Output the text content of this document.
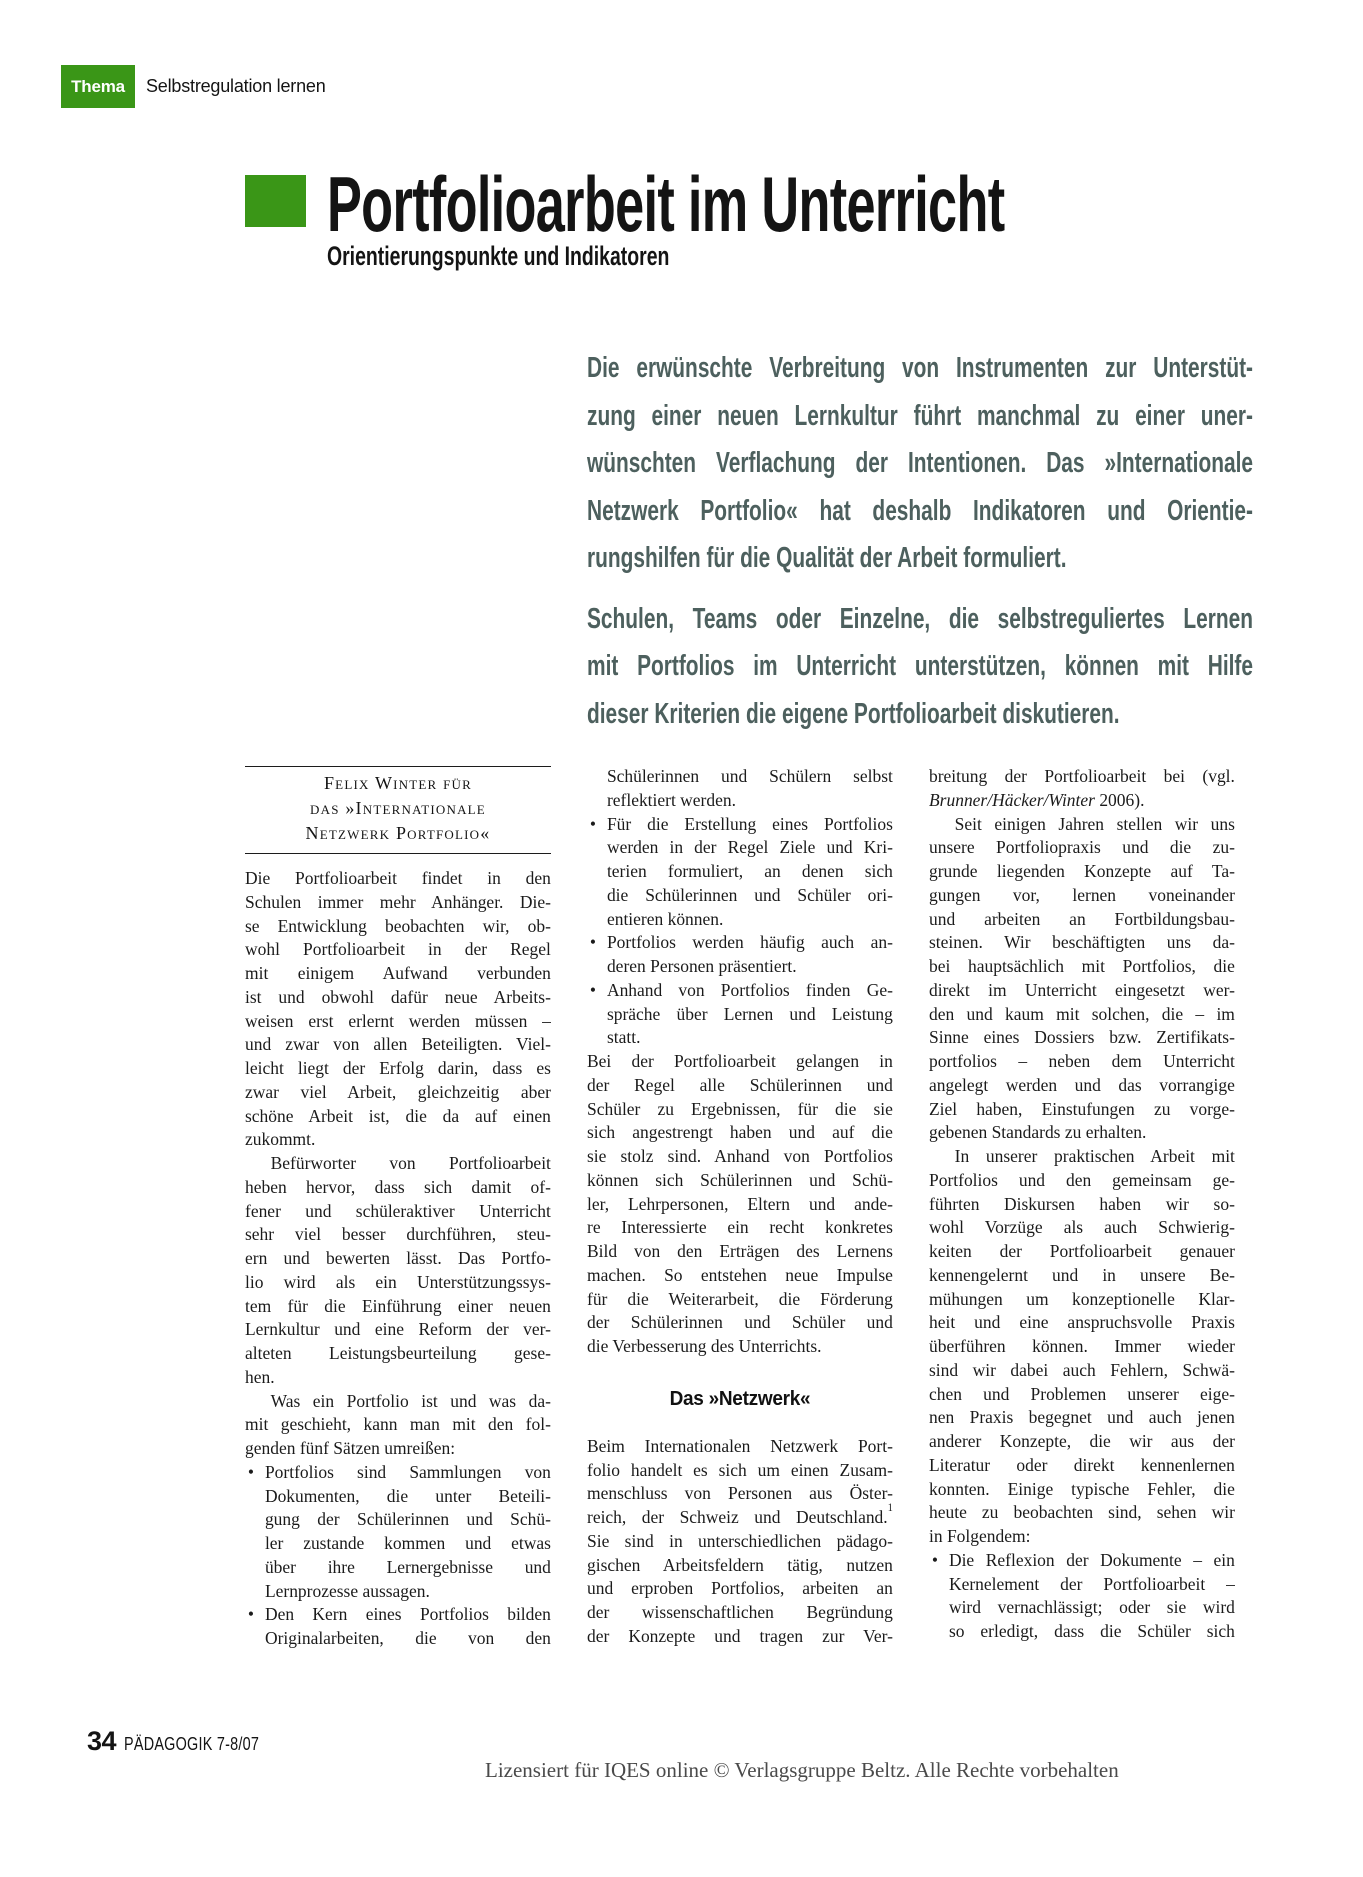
Thema Selbstregulation lernen
Portfolioarbeit im Unterricht
Orientierungspunkte und Indikatoren
Die erwünschte Verbreitung von Instrumenten zur Unterstüt-
zung einer neuen Lernkultur führt manchmal zu einer uner-
wünschten Verflachung der Intentionen. Das »Internationale
Netzwerk Portfolio« hat deshalb Indikatoren und Orientie-
rungshilfen für die Qualität der Arbeit formuliert.
Schulen, Teams oder Einzelne, die selbstreguliertes Lernen
mit Portfolios im Unterricht unterstützen, können mit Hilfe
dieser Kriterien die eigene Portfolioarbeit diskutieren.
Felix Winter für
das »Internationale
Netzwerk Portfolio«
Die Portfolioarbeit findet in den
Schulen immer mehr Anhänger. Die-
se Entwicklung beobachten wir, ob-
wohl Portfolioarbeit in der Regel
mit einigem Aufwand verbunden
ist und obwohl dafür neue Arbeits-
weisen erst erlernt werden müssen –
und zwar von allen Beteiligten. Viel-
leicht liegt der Erfolg darin, dass es
zwar viel Arbeit, gleichzeitig aber
schöne Arbeit ist, die da auf einen
zukommt.
Befürworter von Portfolioarbeit
heben hervor, dass sich damit of-
fener und schüleraktiver Unterricht
sehr viel besser durchführen, steu-
ern und bewerten lässt. Das Portfo-
lio wird als ein Unterstützungssys-
tem für die Einführung einer neuen
Lernkultur und eine Reform der ver-
alteten Leistungsbeurteilung gese-
hen.
Was ein Portfolio ist und was da-
mit geschieht, kann man mit den fol-
genden fünf Sätzen umreißen:
• Portfolios sind Sammlungen von
Dokumenten, die unter Beteili-
gung der Schülerinnen und Schü-
ler zustande kommen und etwas
über ihre Lernergebnisse und
Lernprozesse aussagen.
• Den Kern eines Portfolios bilden
Originalarbeiten, die von den
Schülerinnen und Schülern selbst
reflektiert werden.
• Für die Erstellung eines Portfolios
werden in der Regel Ziele und Kri-
terien formuliert, an denen sich
die Schülerinnen und Schüler ori-
entieren können.
• Portfolios werden häufig auch an-
deren Personen präsentiert.
• Anhand von Portfolios finden Ge-
spräche über Lernen und Leistung
statt.
Bei der Portfolioarbeit gelangen in
der Regel alle Schülerinnen und
Schüler zu Ergebnissen, für die sie
sich angestrengt haben und auf die
sie stolz sind. Anhand von Portfolios
können sich Schülerinnen und Schü-
ler, Lehrpersonen, Eltern und ande-
re Interessierte ein recht konkretes
Bild von den Erträgen des Lernens
machen. So entstehen neue Impulse
für die Weiterarbeit, die Förderung
der Schülerinnen und Schüler und
die Verbesserung des Unterrichts.
Das »Netzwerk«
Beim Internationalen Netzwerk Port-
folio handelt es sich um einen Zusam-
menschluss von Personen aus Öster-
reich, der Schweiz und Deutschland.$^1$
Sie sind in unterschiedlichen pädago-
gischen Arbeitsfeldern tätig, nutzen
und erproben Portfolios, arbeiten an
der wissenschaftlichen Begründung
der Konzepte und tragen zur Ver-
breitung der Portfolioarbeit bei (vgl.
Brunner/Häcker/Winter 2006).
Seit einigen Jahren stellen wir uns
unsere Portfoliopraxis und die zu-
grunde liegenden Konzepte auf Ta-
gungen vor, lernen voneinander
und arbeiten an Fortbildungsbau-
steinen. Wir beschäftigten uns da-
bei hauptsächlich mit Portfolios, die
direkt im Unterricht eingesetzt wer-
den und kaum mit solchen, die – im
Sinne eines Dossiers bzw. Zertifikats-
portfolios – neben dem Unterricht
angelegt werden und das vorrangige
Ziel haben, Einstufungen zu vorge-
gebenen Standards zu erhalten.
In unserer praktischen Arbeit mit
Portfolios und den gemeinsam ge-
führten Diskursen haben wir so-
wohl Vorzüge als auch Schwierig-
keiten der Portfolioarbeit genauer
kennengelernt und in unsere Be-
mühungen um konzeptionelle Klar-
heit und eine anspruchsvolle Praxis
überführen können. Immer wieder
sind wir dabei auch Fehlern, Schwä-
chen und Problemen unserer eige-
nen Praxis begegnet und auch jenen
anderer Konzepte, die wir aus der
Literatur oder direkt kennenlernen
konnten. Einige typische Fehler, die
heute zu beobachten sind, sehen wir
in Folgendem:
• Die Reflexion der Dokumente – ein
Kernelement der Portfolioarbeit –
wird vernachlässigt; oder sie wird
so erledigt, dass die Schüler sich
34 PÄDAGOGIK 7-8/07
Lizensiert für IQES online © Verlagsgruppe Beltz. Alle Rechte vorbehalten
